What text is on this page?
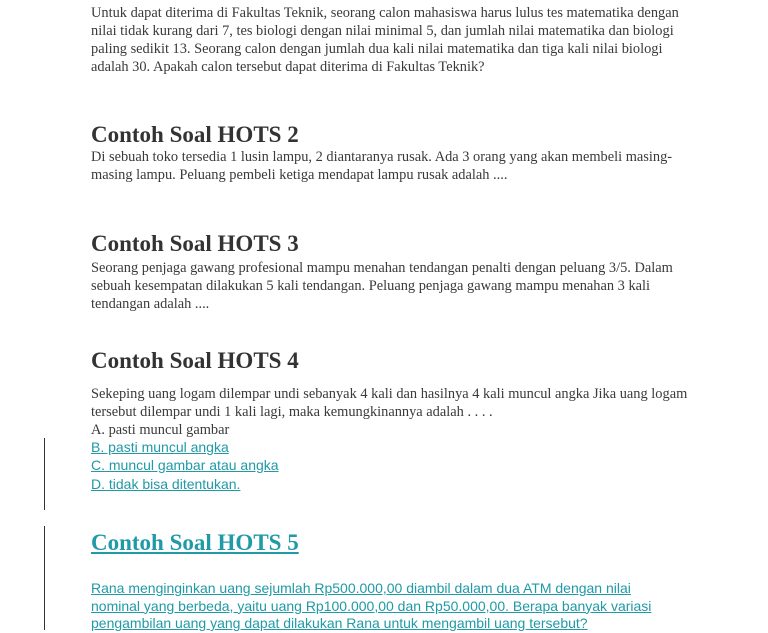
Untuk dapat diterima di Fakultas Teknik, seorang calon mahasiswa harus lulus tes matematika dengan nilai tidak kurang dari 7, tes biologi dengan nilai minimal 5, dan jumlah nilai matematika dan biologi paling sedikit 13. Seorang calon dengan jumlah dua kali nilai matematika dan tiga kali nilai biologi adalah 30. Apakah calon tersebut dapat diterima di Fakultas Teknik?

Contoh Soal HOTS 2

Di sebuah toko tersedia 1 lusin lampu, 2 diantaranya rusak. Ada 3 orang yang akan membeli masing-masing lampu. Peluang pembeli ketiga mendapat lampu rusak adalah ....

Contoh Soal HOTS 3

Seorang penjaga gawang profesional mampu menahan tendangan penalti dengan peluang 3/5. Dalam sebuah kesempatan dilakukan 5 kali tendangan. Peluang penjaga gawang mampu menahan 3 kali tendangan adalah ....

Contoh Soal HOTS 4

Sekeping uang logam dilempar undi sebanyak 4 kali dan hasilnya 4 kali muncul angka Jika uang logam tersebut dilempar undi 1 kali lagi, maka kemungkinannya adalah . . . .

A. pasti muncul gambar
B. pasti muncul angka
C. muncul gambar atau angka
D. tidak bisa ditentukan.
Contoh Soal HOTS 5

Rana menginginkan uang sejumlah Rp500.000,00 diambil dalam dua ATM dengan nilai nominal yang berbeda, yaitu uang Rp100.000,00 dan Rp50.000,00. Berapa banyak variasi pengambilan uang yang dapat dilakukan Rana untuk mengambil uang tersebut?
